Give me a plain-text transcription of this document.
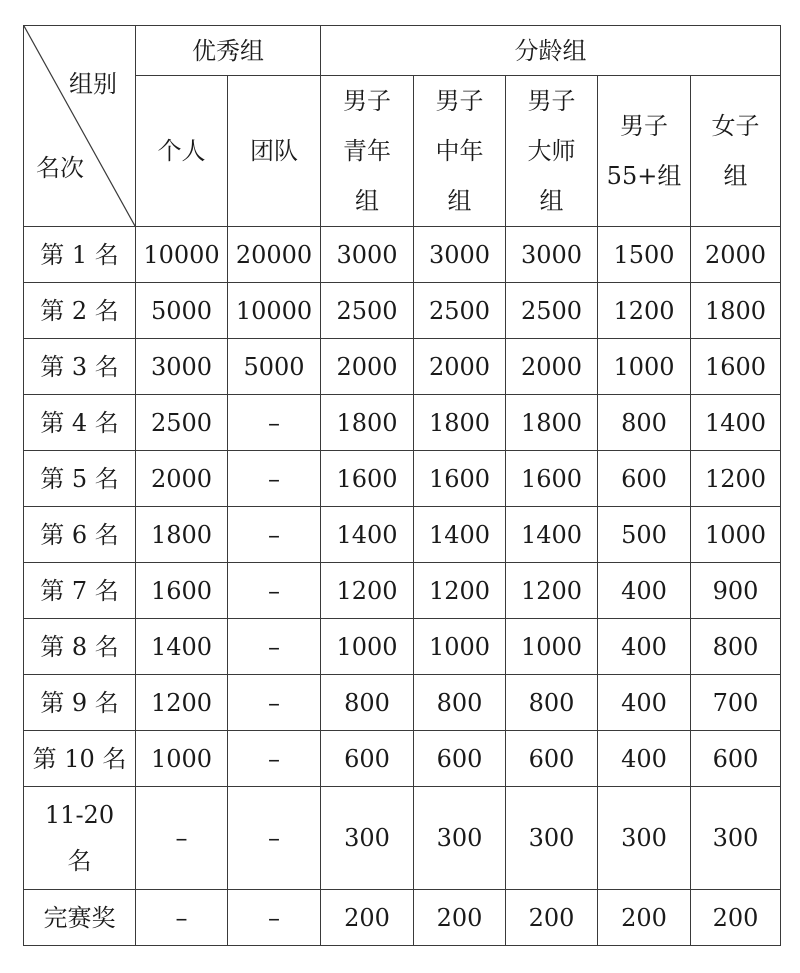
组别
名次	优秀组		分龄组				

	个人	团队	男子
青年
组	男子
中年
组	男子
大师
组	男子
55+组	女子
组

第 1 名	10000	20000	3000	3000	3000	1500	2000

第 2 名	5000	10000	2500	2500	2500	1200	1800

第 3 名	3000	5000	2000	2000	2000	1000	1600

第 4 名	2500	–	1800	1800	1800	800	1400

第 5 名	2000	–	1600	1600	1600	600	1200

第 6 名	1800	–	1400	1400	1400	500	1000

第 7 名	1600	–	1200	1200	1200	400	900

第 8 名	1400	–	1000	1000	1000	400	800

第 9 名	1200	–	800	800	800	400	700

第 10 名	1000	–	600	600	600	400	600

11-20
名	–	–	300	300	300	300	300

完赛奖	–	–	200	200	200	200	200
